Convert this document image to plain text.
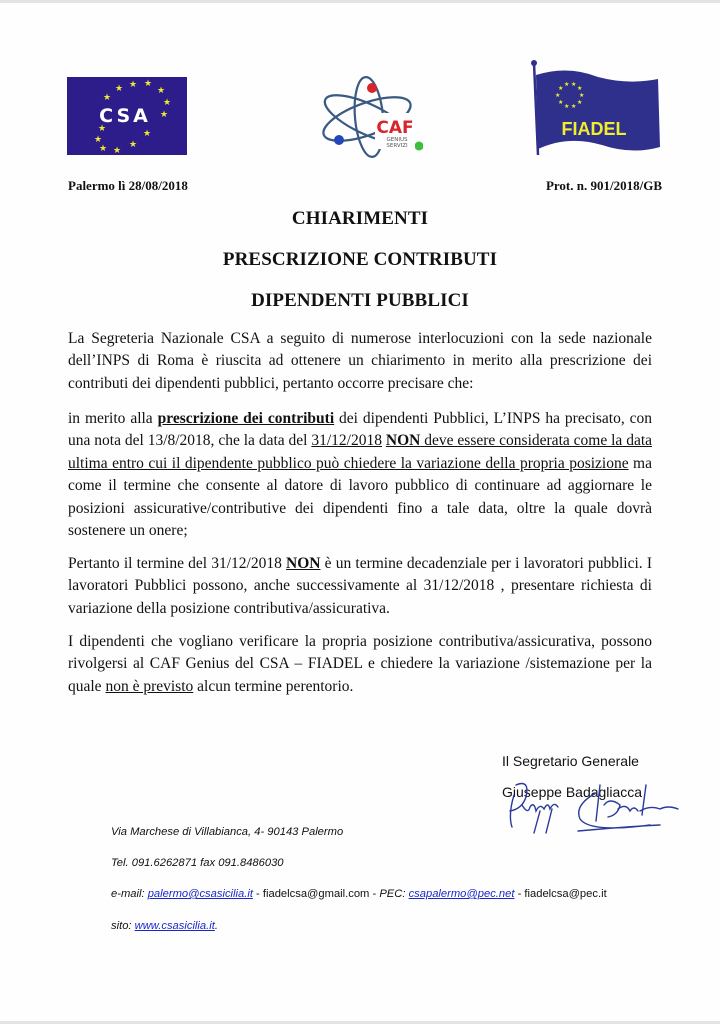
★ ★ ★
★
★
★
★
★
★
★ ★
★
★
CSA
CAF
GENIUS
SERVIZI
★
★ ★
★
★
★
★
★
★
★
FIADEL
Palermo lì 28/08/2018	Prot. n. 901/2018/GB
CHIARIMENTI
PRESCRIZIONE CONTRIBUTI
DIPENDENTI PUBBLICI
La Segreteria Nazionale CSA a seguito di numerose interlocuzioni con la sede nazionale dell’INPS di Roma è riuscita ad ottenere un chiarimento in merito alla prescrizione dei contributi dei dipendenti pubblici, pertanto occorre precisare che:
in merito alla prescrizione dei contributi dei dipendenti Pubblici, L’INPS ha precisato, con una nota del 13/8/2018, che la data del 31/12/2018 NON deve essere considerata come la data ultima entro cui il dipendente pubblico può chiedere la variazione della propria posizione ma come il termine che consente al datore di lavoro pubblico di continuare ad aggiornare le posizioni assicurative/contributive dei dipendenti fino a tale data, oltre la quale dovrà sostenere un onere;
Pertanto il termine del 31/12/2018 NON è un termine decadenziale per i lavoratori pubblici. I lavoratori Pubblici possono, anche successivamente al 31/12/2018 , presentare richiesta di variazione della posizione contributiva/assicurativa.
I dipendenti che vogliano verificare la propria posizione contributiva/assicurativa, possono rivolgersi al CAF Genius del CSA – FIADEL e chiedere la variazione /sistemazione per la quale non è previsto alcun termine perentorio.
Il Segretario Generale
Giuseppe Badagliacca
Via Marchese di Villabianca, 4- 90143 Palermo
Tel. 091.6262871 fax 091.8486030
e-mail: palermo@csasicilia.it - fiadelcsa@gmail.com - PEC: csapalermo@pec.net - fiadelcsa@pec.it
sito: www.csasicilia.it.
